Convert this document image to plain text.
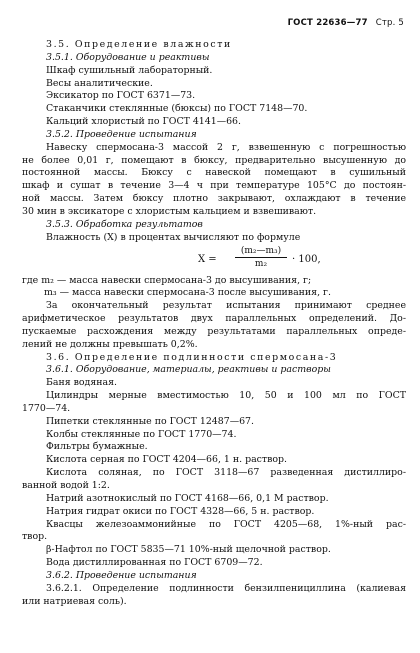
ГОСТ 22636—77 Стр. 5
3.5. Определение влажности
3.5.1. Оборудование и реактивы
Шкаф сушильный лабораторный.
Весы аналитические.
Эксикатор по ГОСТ 6371—73.
Стаканчики стеклянные (бюксы) по ГОСТ 7148—70.
Кальций хлористый по ГОСТ 4141—66.
3.5.2. Проведение испытания
Навеску спермосана-3 массой 2 г, взвешенную с погрешностью
не более 0,01 г, помещают в бюксу, предварительно высушенную до
постоянной массы. Бюксу с навеской помещают в сушильный
шкаф и сушат в течение 3—4 ч при температуре 105°С до постоян-
ной массы. Затем бюксу плотно закрывают, охлаждают в течение
30 мин в эксикаторе с хлористым кальцием и взвешивают.
3.5.3. Обработка результатов
Влажность (X) в процентах вычисляют по формуле
$X = \frac{\text{(m₂—m₃)}}{\text{m₂}} \cdot 100$,
где m₂ — масса навески спермосана-3 до высушивания, г;
m₃ — масса навески спермосана-3 после высушивания, г.
За окончательный результат испытания принимают среднее
арифметическое результатов двух параллельных определений. До-
пускаемые расхождения между результатами параллельных опреде-
лений не должны превышать 0,2%.
3.6. Определение подлинности спермосана-3
3.6.1. Оборудование, материалы, реактивы и растворы
Баня водяная.
Цилиндры мерные вместимостью 10, 50 и 100 мл по ГОСТ
1770—74.
Пипетки стеклянные по ГОСТ 12487—67.
Колбы стеклянные по ГОСТ 1770—74.
Фильтры бумажные.
Кислота серная по ГОСТ 4204—66, 1 н. раствор.
Кислота соляная, по ГОСТ 3118—67 разведенная дистиллиро-
ванной водой 1:2.
Натрий азотнокислый по ГОСТ 4168—66, 0,1 М раствор.
Натрия гидрат окиси по ГОСТ 4328—66, 5 н. раствор.
Квасцы железоаммонийные по ГОСТ 4205—68, 1%-ный рас-
твор.
β-Нафтол по ГОСТ 5835—71 10%-ный щелочной раствор.
Вода дистиллированная по ГОСТ 6709—72.
3.6.2. Проведение испытания
3.6.2.1. Определение подлинности бензилпенициллина (калиевая
или натриевая соль).
